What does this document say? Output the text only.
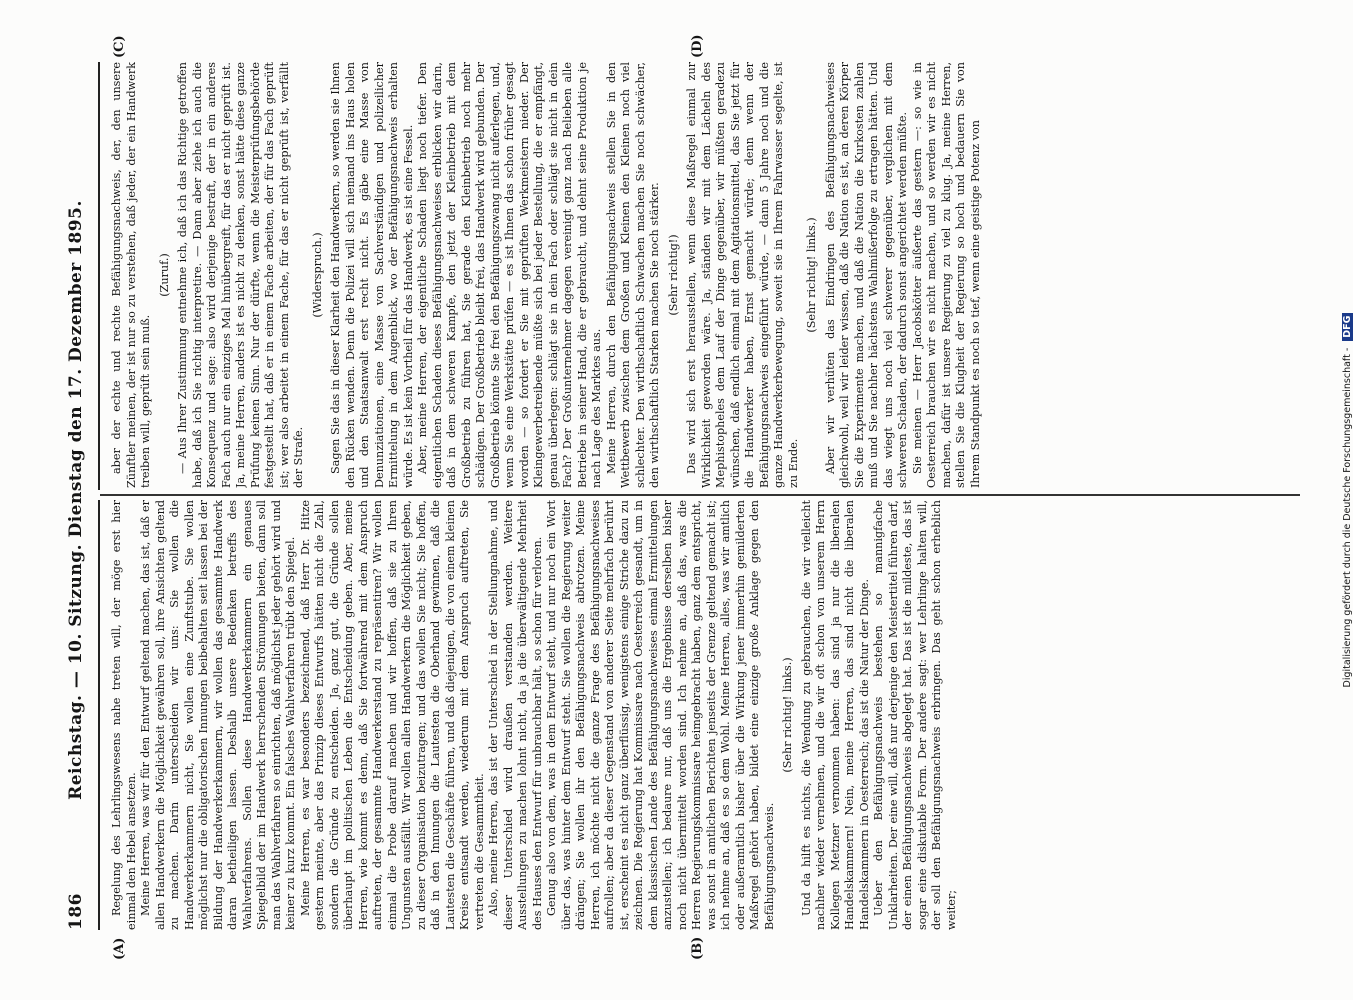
186
Reichstag. — 10. Sitzung. Dienstag den 17. Dezember 1895.
(A)	(B)
(C)	(D)

Regelung des Lehrlingswesens nahe treten will, der möge erst hier einmal den Hebel ansetzen. Meine Herren, was wir für den Entwurf geltend machen, das ist, daß er allen Handwerkern die Möglichkeit gewähren soll, ihre Ansichten geltend zu machen. Darin unterscheiden wir uns: Sie wollen die Handwerkerkammern nicht, Sie wollen eine Zunftstube. Sie wollen möglichst nur die obligatorischen Innungen beibehalten seit lassen bei der Bildung der Handwerkerkammern, wir wollen das gesammte Handwerk daran betheiligen lassen. Deshalb unsere Bedenken betreffs des Wahlverfahrens. Sollen diese Handwerkerkammern ein genaues Spiegelbild der im Handwerk herrschenden Strömungen bieten, dann soll man das Wahlverfahren so einrichten, daß möglichst jeder gehört wird und keiner zu kurz kommt. Ein falsches Wahlverfahren trübt den Spiegel. Meine Herren, es war besonders bezeichnend, daß Herr Dr. Hitze gestern meinte, aber das Prinzip dieses Entwurfs hätten nicht die Zahl, sondern die Gründe zu entscheiden. Ja, ganz gut, die Gründe sollen überhaupt im politischen Leben die Entscheidung geben. Aber, meine Herren, wie kommt es denn, daß Sie fortwährend mit dem Anspruch auftreten, der gesammte Handwerkerstand zu repräsentiren? Wir wollen einmal die Probe darauf machen und wir hoffen, daß sie zu Ihren Ungunsten ausfällt. Wir wollen allen Handwerkern die Möglichkeit geben, zu dieser Organisation beizutragen; und das wollen Sie nicht; Sie hoffen, daß in den Innungen die Lautesten die Oberhand gewinnen, daß die Lautesten die Geschäfte führen, und daß diejenigen, die von einem kleinen Kreise entsandt werden, wiederum mit dem Anspruch auftreten, Sie vertreten die Gesammtheit. Also, meine Herren, das ist der Unterschied in der Stellungnahme, und dieser Unterschied wird draußen verstanden werden. Weitere Ausstellungen zu machen lohnt nicht, da ja die überwältigende Mehrheit des Hauses den Entwurf für unbrauchbar hält, so schon für verloren. Genug also von dem, was in dem Entwurf steht, und nur noch ein Wort über das, was hinter dem Entwurf steht. Sie wollen die Regierung weiter drängen; Sie wollen ihr den Befähigungsnachweis abtrotzen. Meine Herren, ich möchte nicht die ganze Frage des Befähigungsnachweises aufrollen; aber da dieser Gegenstand von anderer Seite mehrfach berührt ist, erscheint es nicht ganz überflüssig, wenigstens einige Striche dazu zu zeichnen. Die Regierung hat Kommissare nach Oesterreich gesandt, um in dem klassischen Lande des Befähigungsnachweises einmal Ermittelungen anzustellen; ich bedaure nur, daß uns die Ergebnisse derselben bisher noch nicht übermittelt worden sind. Ich nehme an, daß das, was die Herren Regierungskommissare heimgebracht haben, ganz dem entspricht, was sonst in amtlichen Berichten jenseits der Grenze geltend gemacht ist; ich nehme an, daß es so dem Wohl. Meine Herren, alles, was wir amtlich oder außeramtlich bisher über die Wirkung jener immerhin gemilderten Maßregel gehört haben, bildet eine einzige große Anklage gegen den Befähigungsnachweis.

(Sehr richtig! links.) Und da hilft es nichts, die Wendung zu gebrauchen, die wir vielleicht nachher wieder vernehmen, und die wir oft schon von unserem Herrn Kollegen Metzner vernommen haben: das sind ja nur die liberalen Handelskammern! Nein, meine Herren, das sind nicht die liberalen Handelskammern in Oesterreich; das ist die Natur der Dinge. Ueber den Befähigungsnachweis bestehen so mannigfache Unklarheiten. Der eine will, daß nur derjenige den Meistertitel führen darf, der einen Befähigungsnachweis abgelegt hat. Das ist die mildeste, das ist sogar eine diskutable Form. Der andere sagt: wer Lehrlinge halten will, der soll den Befähigungsnachweis erbringen. Das geht schon erheblich weiter;

aber der echte und rechte Befähigungsnachweis, der, den unsere Zünftler meinen, der ist nur so zu verstehen, daß jeder, der ein Handwerk treiben will, geprüft sein muß.

(Zuruf.) — Aus Ihrer Zustimmung entnehme ich, daß ich das Richtige getroffen habe, daß ich Sie richtig interpretire. — Dann aber ziehe ich auch die Konsequenz und sage: also wird derjenige bestraft, der in ein anderes Fach auch nur ein einziges Mal hinübergreift, für das er nicht geprüft ist. Ja, meine Herren, anders ist es nicht zu denken, sonst hätte diese ganze Prüfung keinen Sinn. Nur der dürfte, wenn die Meisterprüfungsbehörde festgestellt hat, daß er in einem Fache arbeiten, der für das Fach geprüft ist; wer also arbeitet in einem Fache, für das er nicht geprüft ist, verfällt der Strafe.

(Widerspruch.) Sagen Sie das in dieser Klarheit den Handwerkern, so werden sie Ihnen den Rücken wenden. Denn die Polizei will sich niemand ins Haus holen und den Staatsanwalt erst recht nicht. Es gäbe eine Masse von Denunziationen, eine Masse von Sachverständigen und polizeilicher Ermittelung in dem Augenblick, wo der Befähigungsnachweis erhalten würde. Es ist kein Vortheil für das Handwerk, es ist eine Fessel. Aber, meine Herren, der eigentliche Schaden liegt noch tiefer. Den eigentlichen Schaden dieses Befähigungsnachweises erblicken wir darin, daß in dem schweren Kampfe, den jetzt der Kleinbetrieb mit dem Großbetrieb zu führen hat, Sie gerade den Kleinbetrieb noch mehr schädigen. Der Großbetrieb bleibt frei, das Handwerk wird gebunden. Der Großbetrieb könnte Sie frei den Befähigungszwang nicht auferlegen, und, wenn Sie eine Werkstätte prüfen — es ist Ihnen das schon früher gesagt worden — so fordert er Sie mit geprüften Werkmeistern nieder. Der Kleingewerbetreibende müßte sich bei jeder Bestellung, die er empfängt, genau überlegen: schlägt sie in dein Fach oder schlägt sie nicht in dein Fach? Der Großunternehmer dagegen vereinigt ganz nach Belieben alle Betriebe in seiner Hand, die er gebraucht, und dehnt seine Produktion je nach Lage des Marktes aus. Meine Herren, durch den Befähigungsnachweis stellen Sie in den Wettbewerb zwischen dem Großen und Kleinen den Kleinen noch viel schlechter. Den wirthschaftlich Schwachen machen Sie noch schwächer, den wirthschaftlich Starken machen Sie noch stärker. (Sehr richtig!) Das wird sich erst herausstellen, wenn diese Maßregel einmal zur Wirklichkeit geworden wäre. Ja, ständen wir mit dem Lächeln des Mephistopheles dem Lauf der Dinge gegenüber, wir müßten geradezu wünschen, daß endlich einmal mit dem Agitationsmittel, das Sie jetzt für die Handwerker haben, Ernst gemacht würde; denn wenn der Befähigungsnachweis eingeführt würde, — dann 5 Jahre noch und die ganze Handwerkerbewegung, soweit sie in Ihrem Fahrwasser segelte, ist zu Ende.

(Sehr richtig! links.) Aber wir verhüten das Eindringen des Befähigungsnachweises gleichwohl, weil wir leider wissen, daß die Nation es ist, an deren Körper Sie die Experimente machen, und daß die Nation die Kurkosten zahlen muß und Sie nachher hächstens Wahlmißerfolge zu ertragen hätten. Und das wiegt uns noch viel schwerer gegenüber, verglichen mit dem schweren Schaden, der dadurch sonst angerichtet werden müßte. Sie meinen — Herr Jacobskötter äußerte das gestern —: so wie in Oesterreich brauchen wir es nicht machen, und so werden wir es nicht machen, dafür ist unsere Regierung zu viel zu klug. Ja, meine Herren, stellen Sie die Klugheit der Regierung so hoch und bedauern Sie von Ihrem Standpunkt es noch so tief, wenn eine geistige Potenz von

Digitalisierung gefördert durch die Deutsche Forschungsgemeinschaft - DFG
